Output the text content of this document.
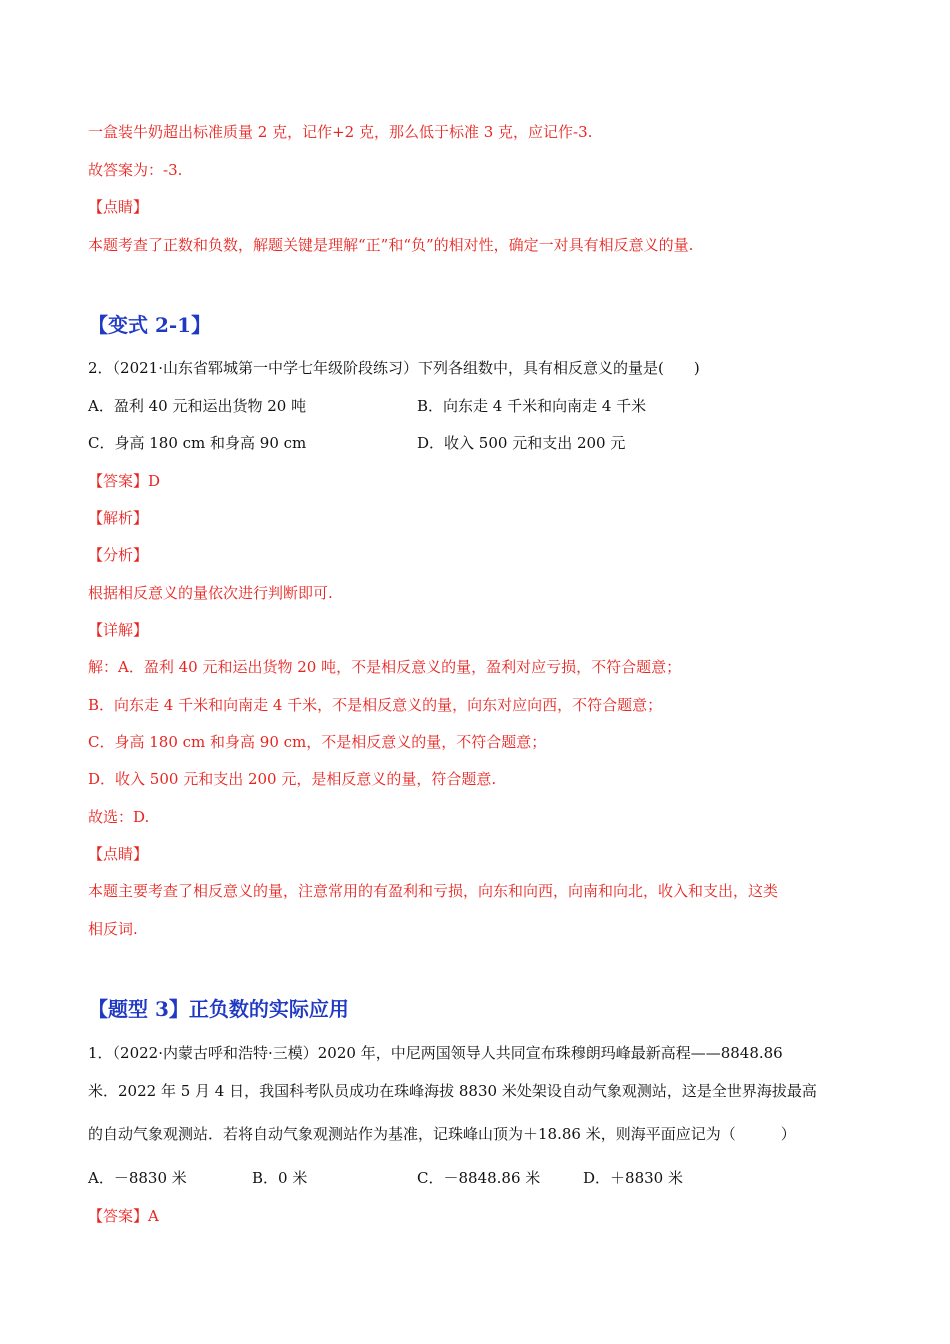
一盒装牛奶超出标准质量 2 克，记作+2 克，那么低于标准 3 克，应记作-3.
故答案为：-3.
【点睛】
本题考查了正数和负数，解题关键是理解“正”和“负”的相对性，确定一对具有相反意义的量.
【变式 2-1】
2．（2021·山东省郓城第一中学七年级阶段练习）下列各组数中，具有相反意义的量是(　　)
A．盈利 40 元和运出货物 20 吨	B．向东走 4 千米和向南走 4 千米
C．身高 180 cm 和身高 90 cm	D．收入 500 元和支出 200 元
【答案】D
【解析】
【分析】
根据相反意义的量依次进行判断即可.
【详解】
解：A．盈利 40 元和运出货物 20 吨，不是相反意义的量，盈利对应亏损，不符合题意；
B．向东走 4 千米和向南走 4 千米，不是相反意义的量，向东对应向西，不符合题意；
C．身高 180 cm 和身高 90 cm，不是相反意义的量，不符合题意；
D．收入 500 元和支出 200 元，是相反意义的量，符合题意.
故选：D.
【点睛】
本题主要考查了相反意义的量，注意常用的有盈利和亏损，向东和向西，向南和向北，收入和支出，这类
相反词.
【题型 3】正负数的实际应用
1．（2022·内蒙古呼和浩特·三模）2020 年，中尼两国领导人共同宣布珠穆朗玛峰最新高程——8848.86
米．2022 年 5 月 4 日，我国科考队员成功在珠峰海拔 8830 米处架设自动气象观测站，这是全世界海拔最高
的自动气象观测站．若将自动气象观测站作为基准，记珠峰山顶为＋18.86 米，则海平面应记为（　　　）
A．－8830 米	B．0 米	C．－8848.86 米	D．＋8830 米
【答案】A
